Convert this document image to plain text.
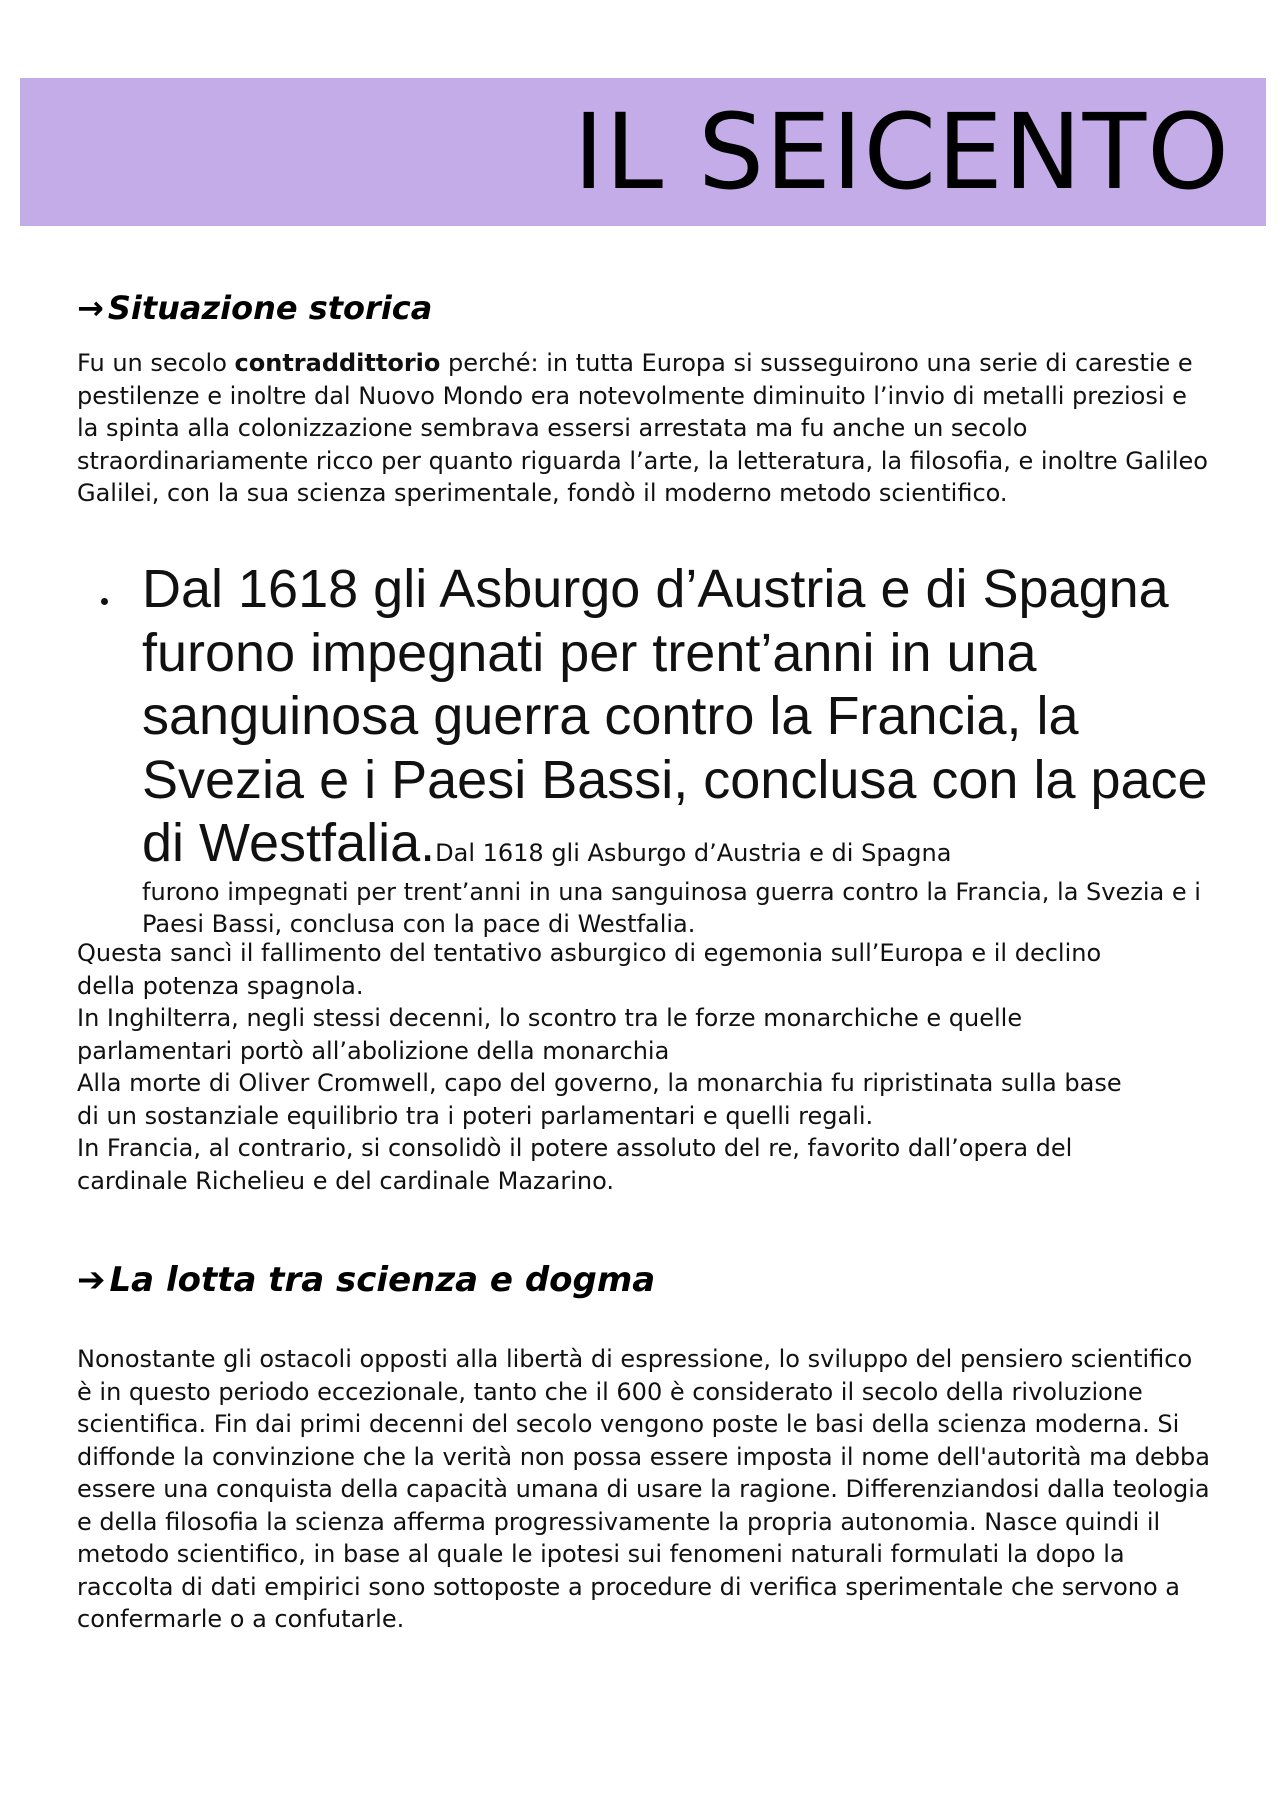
IL SEICENTO
→ Situazione storica

Fu un secolo contraddittorio perché: in tutta Europa si susseguirono una serie di carestie e pestilenze e inoltre dal Nuovo Mondo era notevolmente diminuito l’invio di metalli preziosi e la spinta alla colonizzazione sembrava essersi arrestata ma fu anche un secolo straordinariamente ricco per quanto riguarda l’arte, la letteratura, la filosofia, e inoltre Galileo Galilei, con la sua scienza sperimentale, fondò il moderno metodo scientifico.

Dal 1618 gli Asburgo d’Austria e di Spagna furono impegnati per trent’anni in una sanguinosa guerra contro la Francia, la Svezia e i Paesi Bassi, conclusa con la pace di Westfalia.Dal 1618 gli Asburgo d’Austria e di Spagna
furono impegnati per trent’anni in una sanguinosa guerra contro la Francia, la Svezia e i Paesi Bassi, conclusa con la pace di Westfalia.
Questa sancì il fallimento del tentativo asburgico di egemonia sull’Europa e il declino
della potenza spagnola.
In Inghilterra, negli stessi decenni, lo scontro tra le forze monarchiche e quelle
parlamentari portò all’abolizione della monarchia
Alla morte di Oliver Cromwell, capo del governo, la monarchia fu ripristinata sulla base
di un sostanziale equilibrio tra i poteri parlamentari e quelli regali.
In Francia, al contrario, si consolidò il potere assoluto del re, favorito dall’opera del
cardinale Richelieu e del cardinale Mazarino.
➔ La lotta tra scienza e dogma

Nonostante gli ostacoli opposti alla libertà di espressione, lo sviluppo del pensiero scientifico è in questo periodo eccezionale, tanto che il 600 è considerato il secolo della rivoluzione scientifica. Fin dai primi decenni del secolo vengono poste le basi della scienza moderna. Si diffonde la convinzione che la verità non possa essere imposta il nome dell'autorità ma debba essere una conquista della capacità umana di usare la ragione. Differenziandosi dalla teologia e della filosofia la scienza afferma progressivamente la propria autonomia. Nasce quindi il metodo scientifico, in base al quale le ipotesi sui fenomeni naturali formulati la dopo la raccolta di dati empirici sono sottoposte a procedure di verifica sperimentale che servono a confermarle o a confutarle.
